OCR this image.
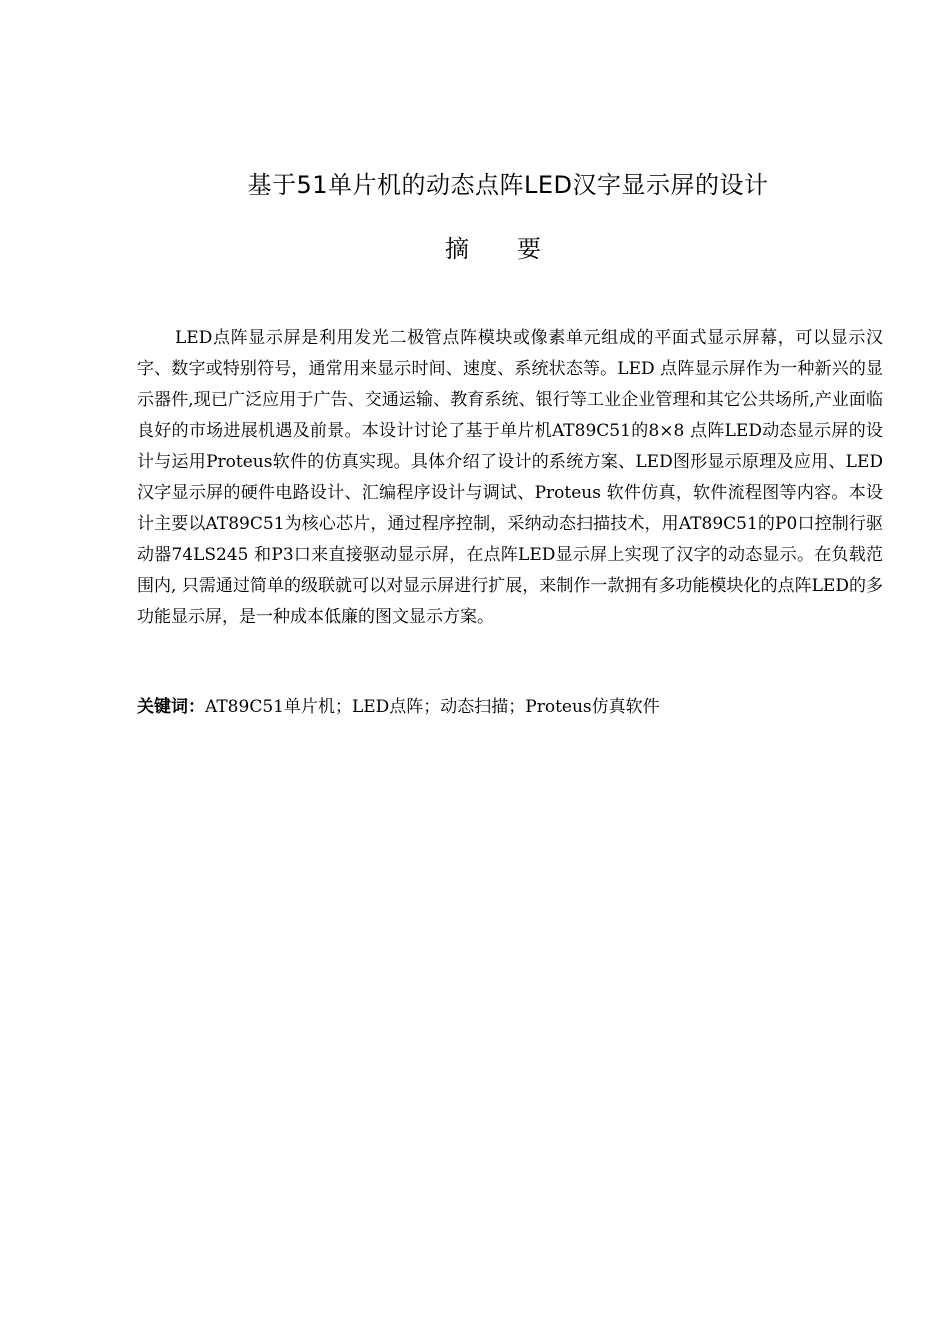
基于51单片机的动态点阵LED汉字显示屏的设计
摘要

LED点阵显示屏是利用发光二极管点阵模块或像素单元组成的平面式显示屏幕，可以显示汉字、数字或特别符号，通常用来显示时间、速度、系统状态等。LED 点阵显示屏作为一种新兴的显示器件,现已广泛应用于广告、交通运输、教育系统、银行等工业企业管理和其它公共场所,产业面临良好的市场进展机遇及前景。本设计讨论了基于单片机AT89C51的8×8 点阵LED动态显示屏的设计与运用Proteus软件的仿真实现。具体介绍了设计的系统方案、LED图形显示原理及应用、LED 汉字显示屏的硬件电路设计、汇编程序设计与调试、Proteus 软件仿真，软件流程图等内容。本设计主要以AT89C51为核心芯片，通过程序控制，采纳动态扫描技术，用AT89C51的P0口控制行驱动器74LS245 和P3口来直接驱动显示屏，在点阵LED显示屏上实现了汉字的动态显示。在负载范围内, 只需通过简单的级联就可以对显示屏进行扩展，来制作一款拥有多功能模块化的点阵LED的多功能显示屏，是一种成本低廉的图文显示方案。

关键词：AT89C51单片机；LED点阵；动态扫描；Proteus仿真软件
